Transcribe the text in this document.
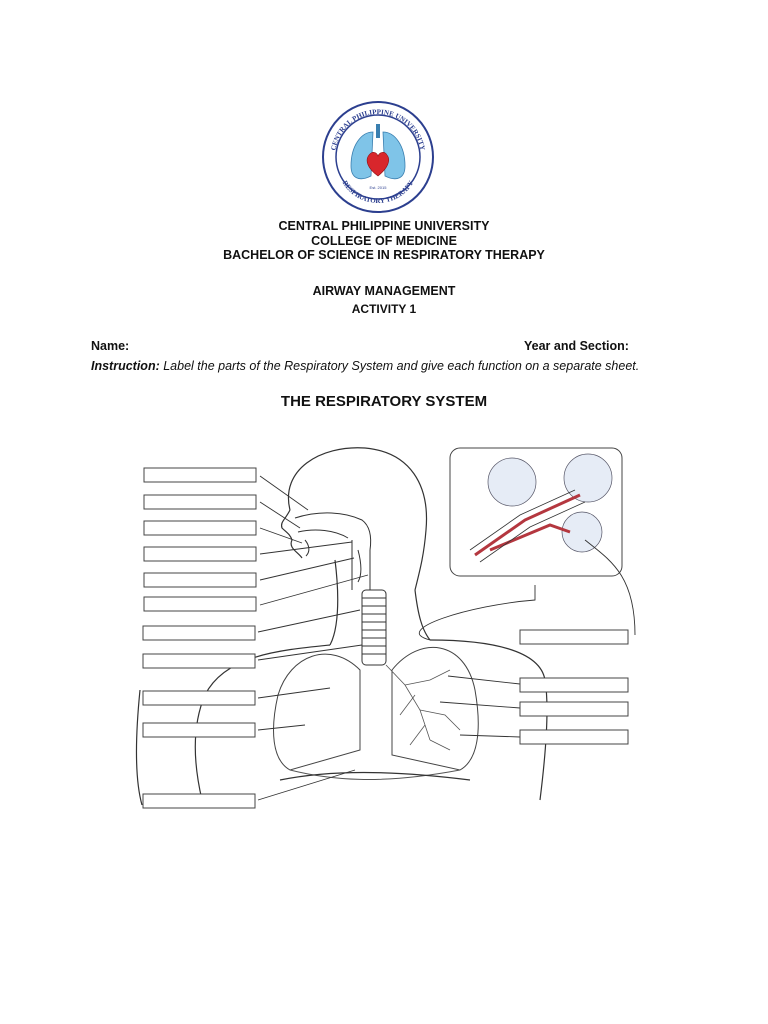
CENTRAL PHILIPPINE UNIVERSITY
RESPIRATORY THERAPY
Est. 2015
CENTRAL PHILIPPINE UNIVERSITY
COLLEGE OF MEDICINE
BACHELOR OF SCIENCE IN RESPIRATORY THERAPY
AIRWAY MANAGEMENT
ACTIVITY 1
Name:	Year and Section:
Instruction: Label the parts of the Respiratory System and give each function on a separate sheet.
THE RESPIRATORY SYSTEM
